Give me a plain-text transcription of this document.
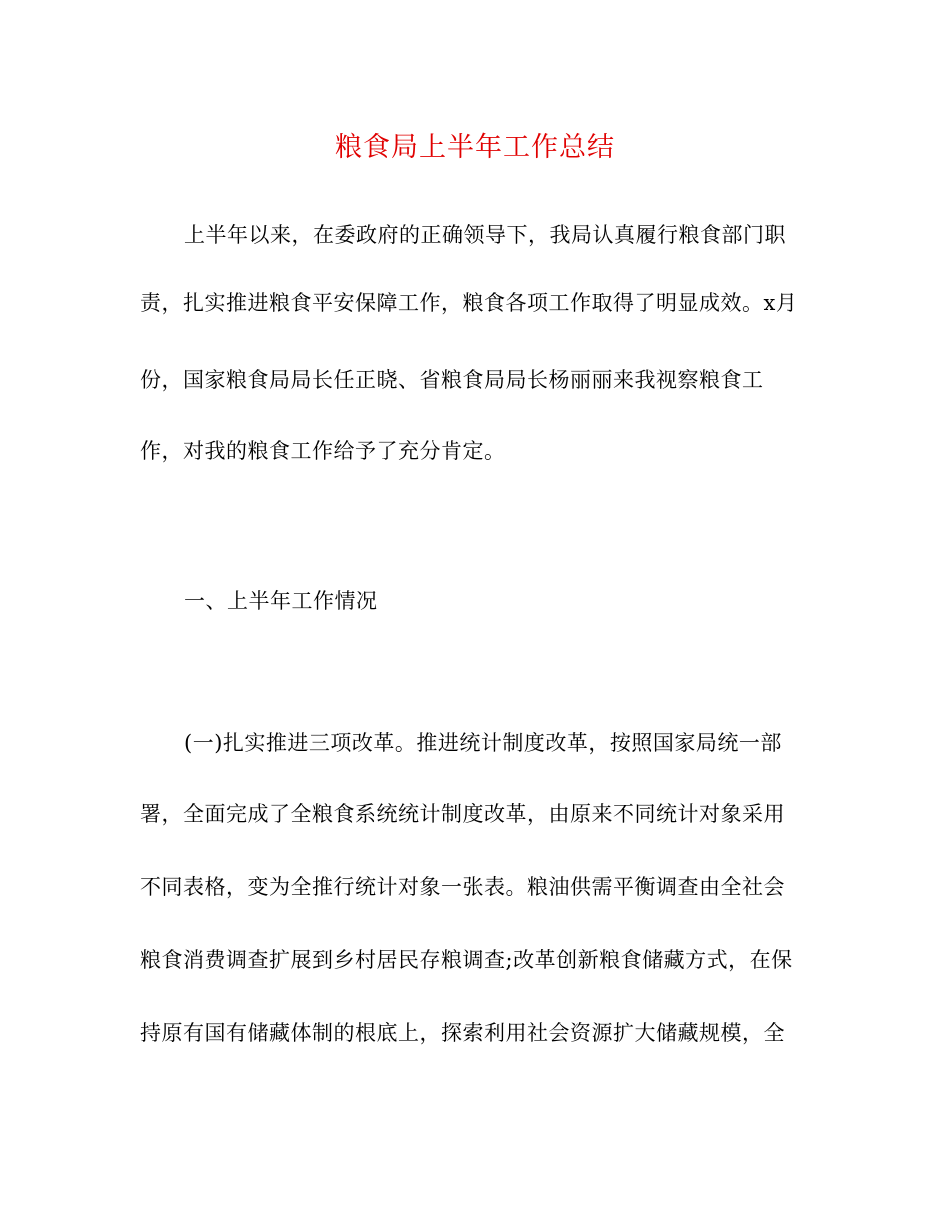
粮食局上半年工作总结
上半年以来，在委政府的正确领导下，我局认真履行粮食部门职
责，扎实推进粮食平安保障工作，粮食各项工作取得了明显成效。x月
份，国家粮食局局长任正晓、省粮食局局长杨丽丽来我视察粮食工
作，对我的粮食工作给予了充分肯定。
一、上半年工作情况
(一)扎实推进三项改革。推进统计制度改革，按照国家局统一部
署，全面完成了全粮食系统统计制度改革，由原来不同统计对象采用
不同表格，变为全推行统计对象一张表。粮油供需平衡调查由全社会
粮食消费调查扩展到乡村居民存粮调查;改革创新粮食储藏方式，在保
持原有国有储藏体制的根底上，探索利用社会资源扩大储藏规模，全
